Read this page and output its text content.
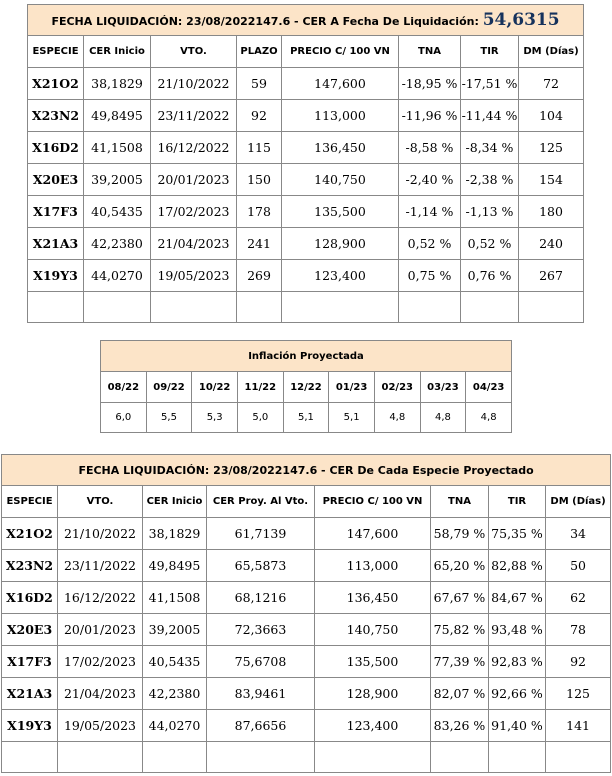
FECHA LIQUIDACIÓN: 23/08/2022147.6 - CER A Fecha De Liquidación: 54,6315							
ESPECIE	CER Inicio	VTO.	PLAZO	PRECIO C/ 100 VN	TNA	TIR	DM (Días)
X21O2	38,1829	21/10/2022	59	147,600	-18,95 %	-17,51 %	72
X23N2	49,8495	23/11/2022	92	113,000	-11,96 %	-11,44 %	104
X16D2	41,1508	16/12/2022	115	136,450	-8,58 %	-8,34 %	125
X20E3	39,2005	20/01/2023	150	140,750	-2,40 %	-2,38 %	154
X17F3	40,5435	17/02/2023	178	135,500	-1,14 %	-1,13 %	180
X21A3	42,2380	21/04/2023	241	128,900	0,52 %	0,52 %	240
X19Y3	44,0270	19/05/2023	269	123,400	0,75 %	0,76 %	267

Inflación Proyectada								
08/22	09/22	10/22	11/22	12/22	01/23	02/23	03/23	04/23
6,0	5,5	5,3	5,0	5,1	5,1	4,8	4,8	4,8
FECHA LIQUIDACIÓN: 23/08/2022147.6 - CER De Cada Especie Proyectado							
ESPECIE	VTO.	CER Inicio	CER Proy. Al Vto.	PRECIO C/ 100 VN	TNA	TIR	DM (Días)
X21O2	21/10/2022	38,1829	61,7139	147,600	58,79 %	75,35 %	34
X23N2	23/11/2022	49,8495	65,5873	113,000	65,20 %	82,88 %	50
X16D2	16/12/2022	41,1508	68,1216	136,450	67,67 %	84,67 %	62
X20E3	20/01/2023	39,2005	72,3663	140,750	75,82 %	93,48 %	78
X17F3	17/02/2023	40,5435	75,6708	135,500	77,39 %	92,83 %	92
X21A3	21/04/2023	42,2380	83,9461	128,900	82,07 %	92,66 %	125
X19Y3	19/05/2023	44,0270	87,6656	123,400	83,26 %	91,40 %	141
